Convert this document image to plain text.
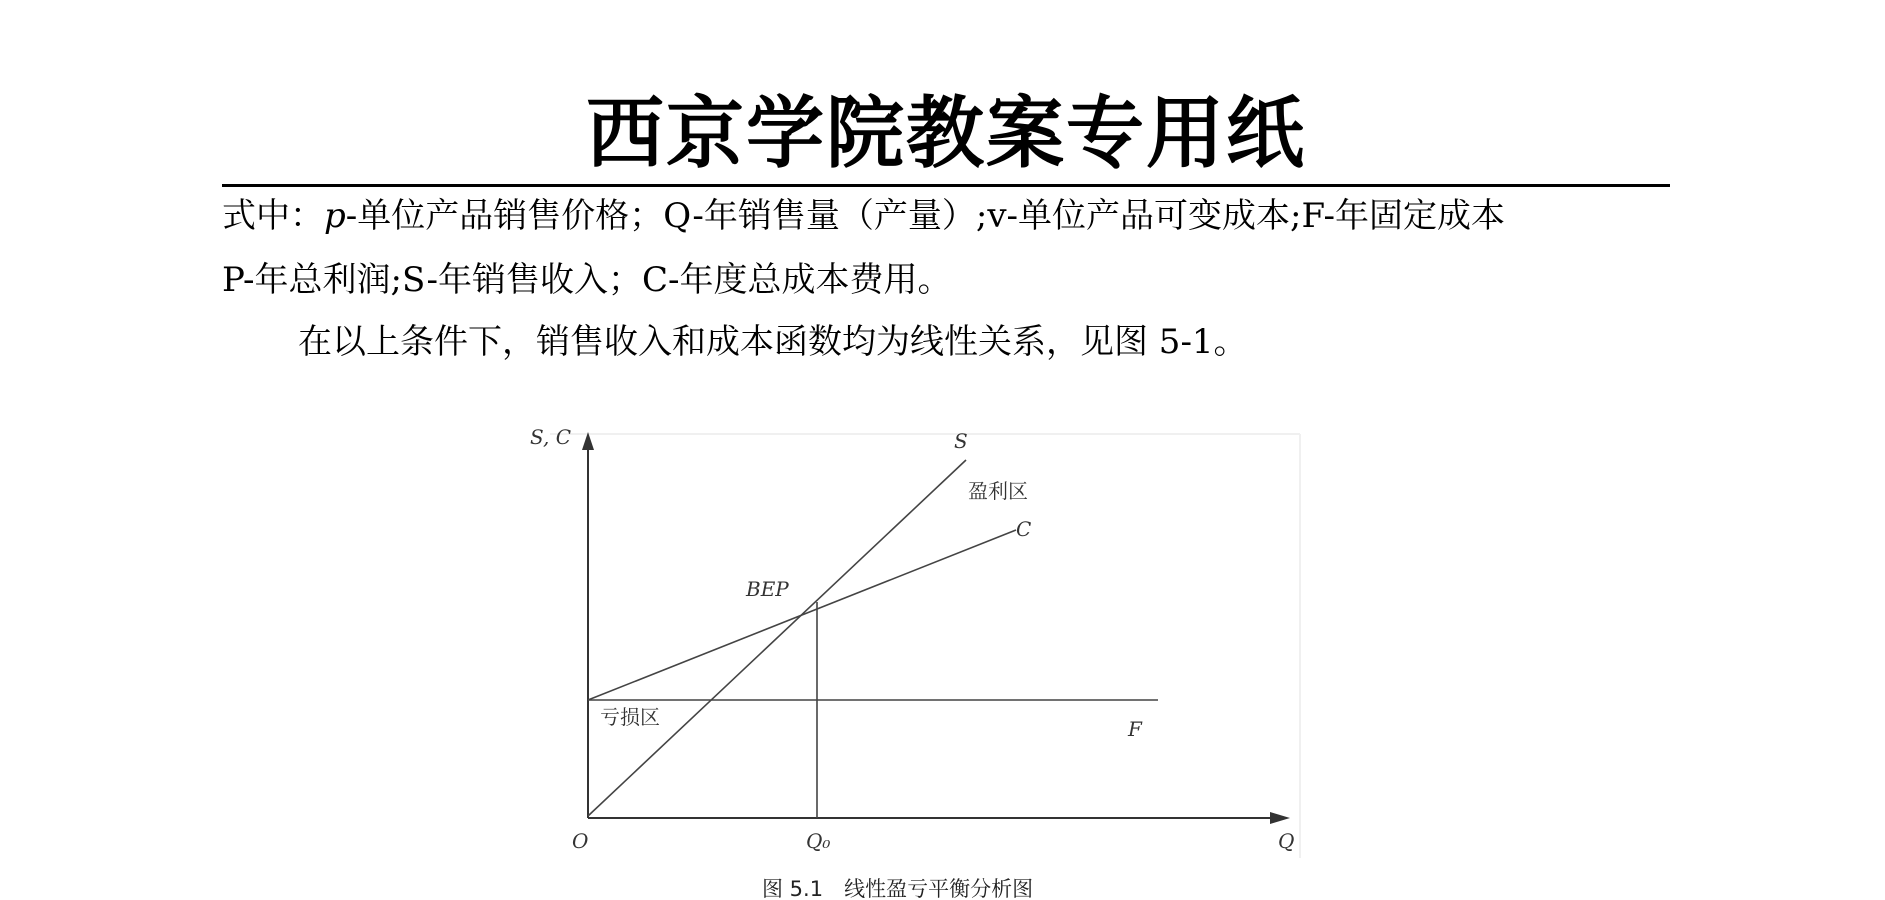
西京学院教案专用纸
式中：p-单位产品销售价格；Q-年销售量（产量）;v-单位产品可变成本;F-年固定成本
P-年总利润;S-年销售收入；C-年度总成本费用。
在以上条件下，销售收入和成本函数均为线性关系，见图 5-1。
S, C
Q
O	Q₀
S
C
F
BEP
盈利区
亏损区
图 5.1　线性盈亏平衡分析图
